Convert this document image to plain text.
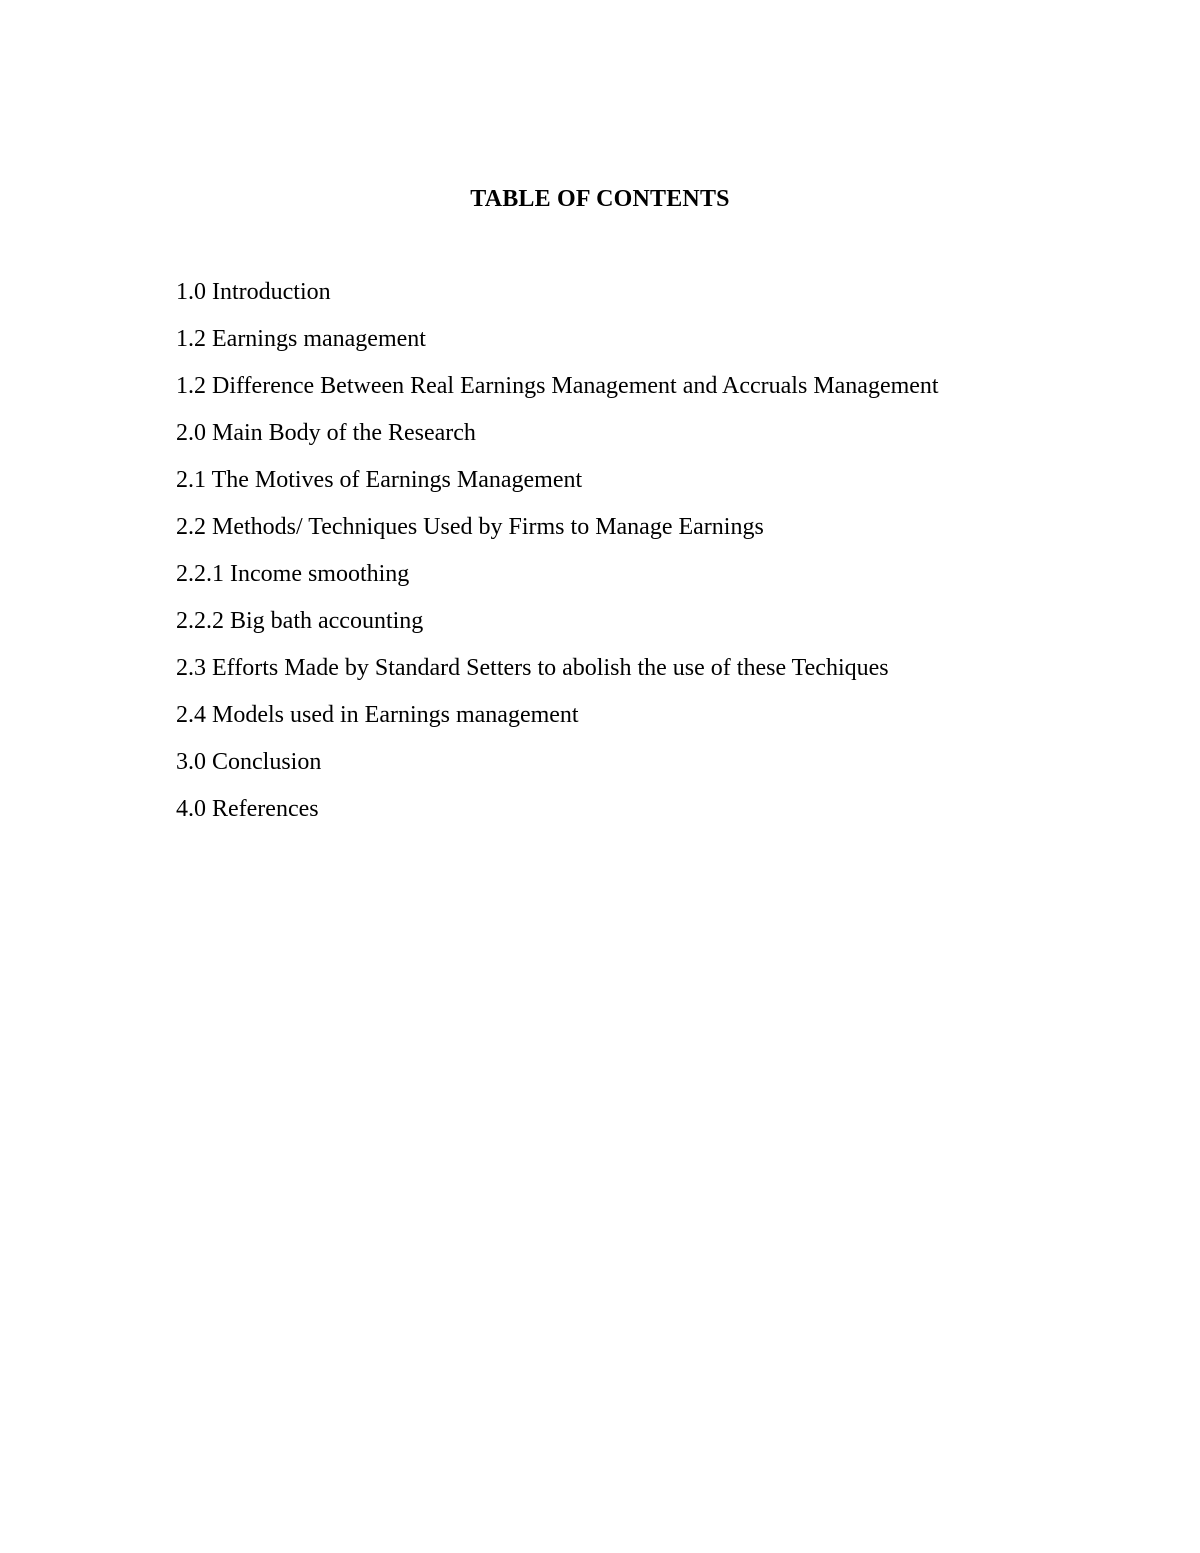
TABLE OF CONTENTS
1.0 Introduction
1.2 Earnings management
1.2 Difference Between Real Earnings Management and Accruals Management
2.0 Main Body of the Research
2.1 The Motives of Earnings Management
2.2 Methods/ Techniques Used by Firms to Manage Earnings
2.2.1 Income smoothing
2.2.2 Big bath accounting
2.3 Efforts Made by Standard Setters to abolish the use of these Techiques
2.4 Models used in Earnings management
3.0 Conclusion
4.0 References
